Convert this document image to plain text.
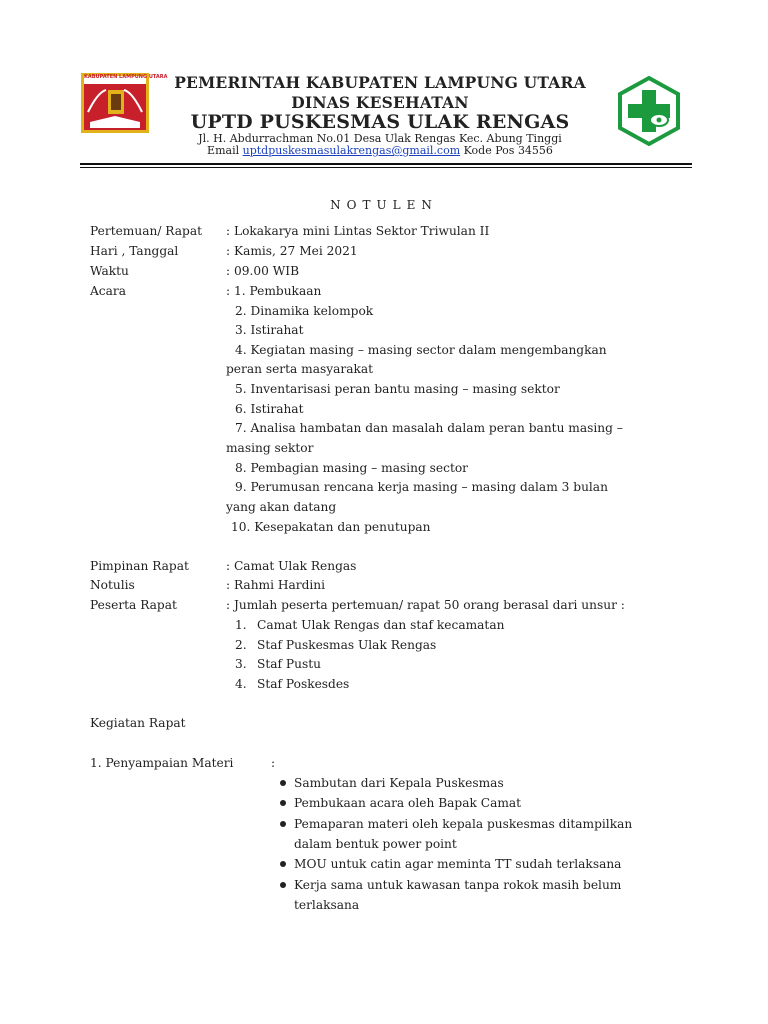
KABUPATEN LAMPUNG UTARA PEMERINTAH KABUPATEN LAMPUNG UTARA
DINAS KESEHATAN
UPTD PUSKESMAS ULAK RENGAS
Jl. H. Abdurrachman No.01 Desa Ulak Rengas Kec. Abung Tinggi
Email uptdpuskesmasulakrengas@gmail.com Kode Pos 34556
NOTULEN
Pertemuan/ Rapat : Lokakarya mini Lintas Sektor Triwulan II
Hari , Tanggal	: Kamis, 27 Mei 2021
Waktu	: 09.00 WIB
Acara	: 1. Pembukaan
2. Dinamika kelompok
3. Istirahat
4. Kegiatan masing – masing sector dalam mengembangkan
peran serta masyarakat
5. Inventarisasi peran bantu masing – masing sektor
6. Istirahat
7. Analisa hambatan dan masalah dalam peran bantu masing –
masing sektor
8. Pembagian masing – masing sector
9. Perumusan rencana kerja masing – masing dalam 3 bulan
yang akan datang
10. Kesepakatan dan penutupan
Pimpinan Rapat	: Camat Ulak Rengas
Notulis	: Rahmi Hardini
Peserta Rapat	: Jumlah peserta pertemuan/ rapat 50 orang berasal dari unsur :
1. Camat Ulak Rengas dan staf kecamatan
2. Staf Puskesmas Ulak Rengas
3. Staf Pustu
4. Staf Poskesdes
Kegiatan Rapat
1. Penyampaian Materi	:
Sambutan dari Kepala Puskesmas
Pembukaan acara oleh Bapak Camat
Pemaparan materi oleh kepala puskesmas ditampilkan
dalam bentuk power point
MOU untuk catin agar meminta TT sudah terlaksana
Kerja sama untuk kawasan tanpa rokok masih belum
terlaksana
